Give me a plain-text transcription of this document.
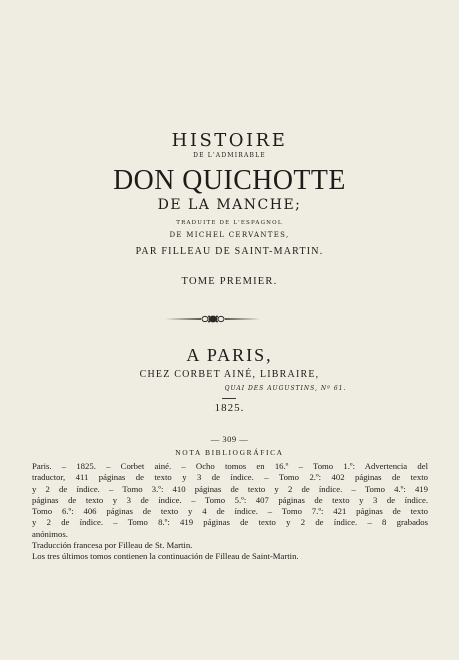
HISTOIRE
DE L'ADMIRABLE
DON QUICHOTTE
DE LA MANCHE;
TRADUITE DE L'ESPAGNOL
DE MICHEL CERVANTES,
PAR FILLEAU DE SAINT-MARTIN.
TOME PREMIER.
A PARIS,
CHEZ CORBET AINÉ, LIBRAIRE,
QUAI DES AUGUSTINS, Nº 61.
1825.
— 309 —
NOTA BIBLIOGRÁFICA
Paris. – 1825. – Corbet ainé. – Ocho tomos en 16.º – Tomo 1.º: Advertencia del
traductor, 411 páginas de texto y 3 de índice. – Tomo 2.º: 402 páginas de texto
y 2 de índice. – Tomo 3.º: 410 páginas de texto y 2 de índice. – Tomo 4.º: 419
páginas de texto y 3 de índice. – Tomo 5.º: 407 páginas de texto y 3 de índice.
Tomo 6.º: 406 páginas de texto y 4 de índice. – Tomo 7.º: 421 páginas de texto
y 2 de índice. – Tomo 8.º: 419 páginas de texto y 2 de índice. – 8 grabados
anónimos.
Traducción francesa por Filleau de St. Martin.
Los tres últimos tomos contienen la continuación de Filleau de Saint-Martin.
